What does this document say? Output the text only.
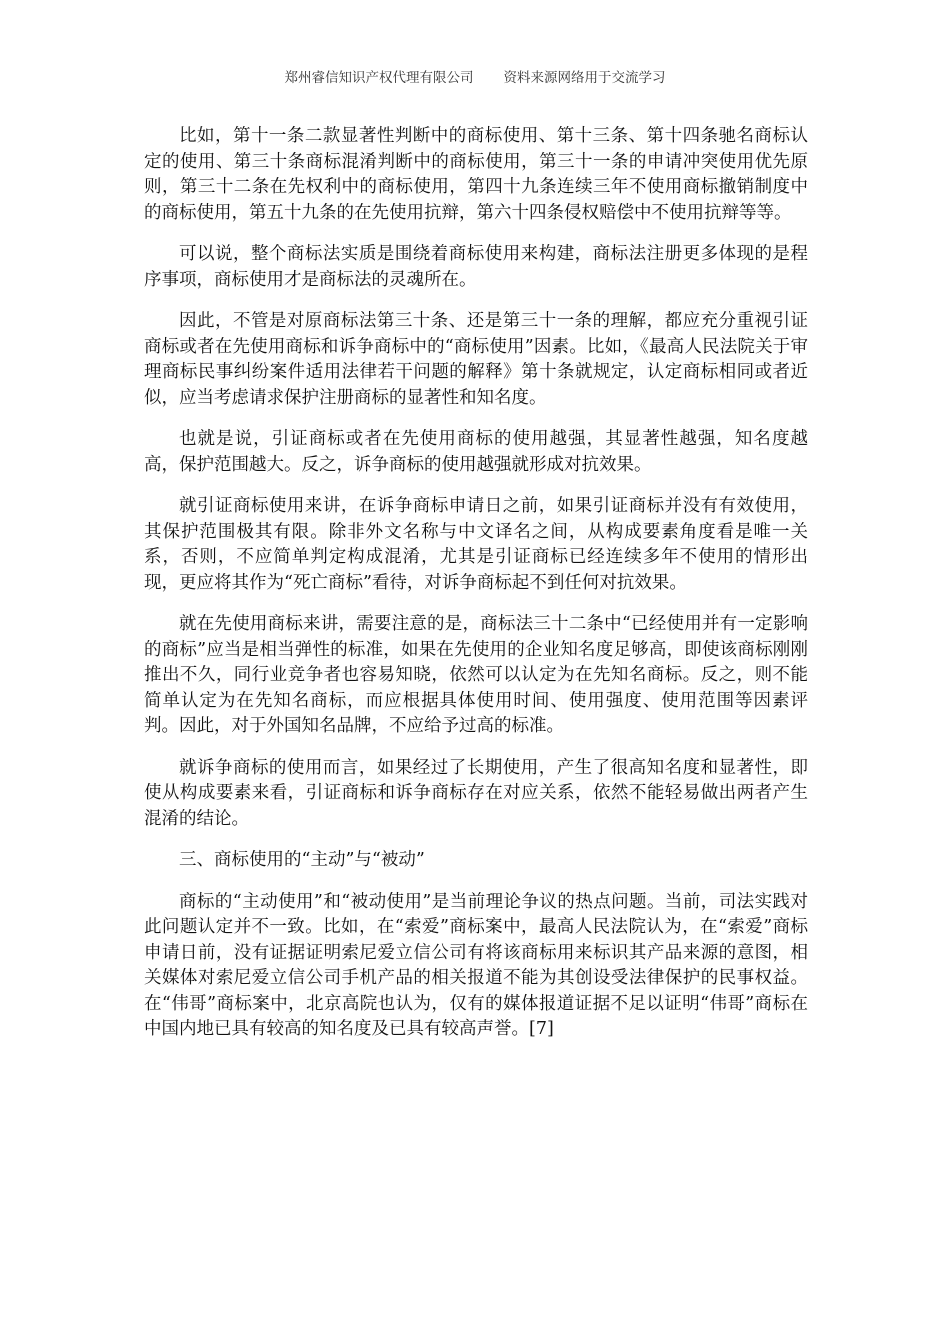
郑州睿信知识产权代理有限公司 资料来源网络用于交流学习

比如，第十一条二款显著性判断中的商标使用、第十三条、第十四条驰名商标认定的使用、第三十条商标混淆判断中的商标使用，第三十一条的申请冲突使用优先原则，第三十二条在先权利中的商标使用，第四十九条连续三年不使用商标撤销制度中的商标使用，第五十九条的在先使用抗辩，第六十四条侵权赔偿中不使用抗辩等等。

可以说，整个商标法实质是围绕着商标使用来构建，商标法注册更多体现的是程序事项，商标使用才是商标法的灵魂所在。

因此，不管是对原商标法第三十条、还是第三十一条的理解，都应充分重视引证商标或者在先使用商标和诉争商标中的“商标使用”因素。比如，《最高人民法院关于审理商标民事纠纷案件适用法律若干问题的解释》第十条就规定，认定商标相同或者近似，应当考虑请求保护注册商标的显著性和知名度。

也就是说，引证商标或者在先使用商标的使用越强，其显著性越强，知名度越高，保护范围越大。反之，诉争商标的使用越强就形成对抗效果。

就引证商标使用来讲，在诉争商标申请日之前，如果引证商标并没有有效使用，其保护范围极其有限。除非外文名称与中文译名之间，从构成要素角度看是唯一关系，否则，不应简单判定构成混淆，尤其是引证商标已经连续多年不使用的情形出现，更应将其作为“死亡商标”看待，对诉争商标起不到任何对抗效果。

就在先使用商标来讲，需要注意的是，商标法三十二条中“已经使用并有一定影响的商标”应当是相当弹性的标准，如果在先使用的企业知名度足够高，即使该商标刚刚推出不久，同行业竞争者也容易知晓，依然可以认定为在先知名商标。反之，则不能简单认定为在先知名商标，而应根据具体使用时间、使用强度、使用范围等因素评判。因此，对于外国知名品牌，不应给予过高的标准。

就诉争商标的使用而言，如果经过了长期使用，产生了很高知名度和显著性，即使从构成要素来看，引证商标和诉争商标存在对应关系，依然不能轻易做出两者产生混淆的结论。

三、商标使用的“主动”与“被动”

商标的“主动使用”和“被动使用”是当前理论争议的热点问题。当前，司法实践对此问题认定并不一致。比如，在“索爱”商标案中，最高人民法院认为，在“索爱”商标申请日前，没有证据证明索尼爱立信公司有将该商标用来标识其产品来源的意图，相关媒体对索尼爱立信公司手机产品的相关报道不能为其创设受法律保护的民事权益。在“伟哥”商标案中，北京高院也认为，仅有的媒体报道证据不足以证明“伟哥”商标在中国内地已具有较高的知名度及已具有较高声誉。[7]
